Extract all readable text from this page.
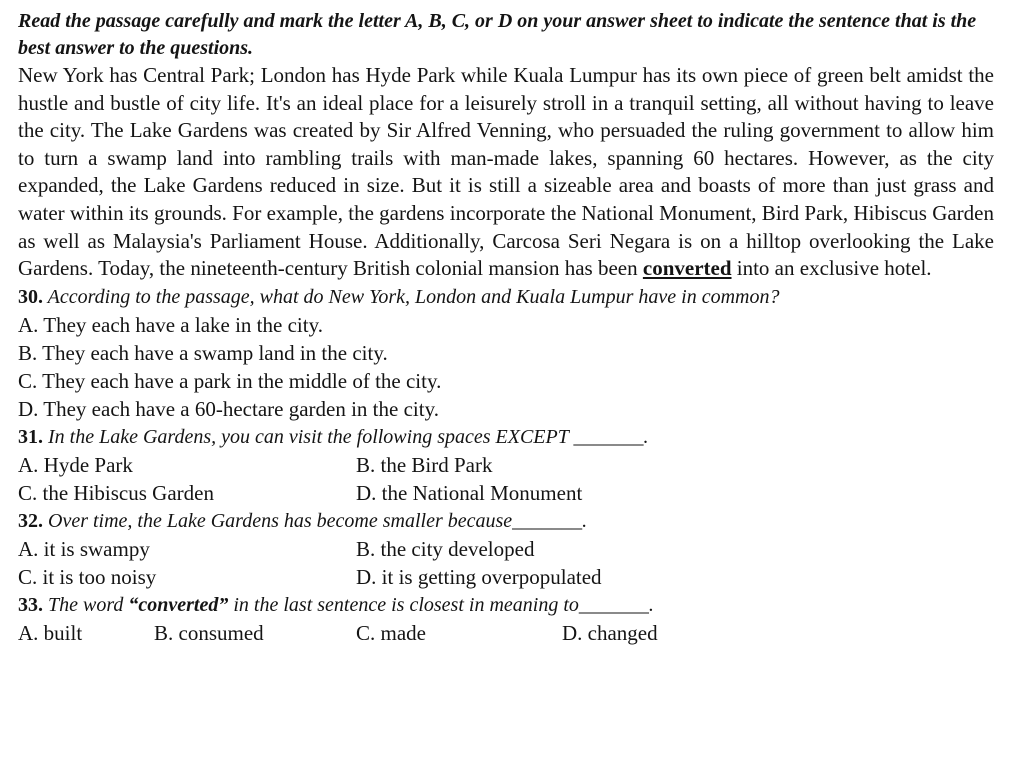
Read the passage carefully and mark the letter A, B, C, or D on your answer sheet to indicate the sentence that is the best answer to the questions.

New York has Central Park; London has Hyde Park while Kuala Lumpur has its own piece of green belt amidst the hustle and bustle of city life. It's an ideal place for a leisurely stroll in a tranquil setting, all without having to leave the city. The Lake Gardens was created by Sir Alfred Venning, who persuaded the ruling government to allow him to turn a swamp land into rambling trails with man-made lakes, spanning 60 hectares. However, as the city expanded, the Lake Gardens reduced in size. But it is still a sizeable area and boasts of more than just grass and water within its grounds. For example, the gardens incorporate the National Monument, Bird Park, Hibiscus Garden as well as Malaysia's Parliament House. Additionally, Carcosa Seri Negara is on a hilltop overlooking the Lake Gardens. Today, the nineteenth-century British colonial mansion has been converted into an exclusive hotel.

30. According to the passage, what do New York, London and Kuala Lumpur have in common?

A. They each have a lake in the city.
B. They each have a swamp land in the city.
C. They each have a park in the middle of the city.
D. They each have a 60-hectare garden in the city.

31. In the Lake Gardens, you can visit the following spaces EXCEPT _______.

A. Hyde Park	B. the Bird Park
C. the Hibiscus Garden	D. the National Monument

32. Over time, the Lake Gardens has become smaller because_______.

A. it is swampy	B. the city developed
C. it is too noisy	D. it is getting overpopulated

33. The word “converted” in the last sentence is closest in meaning to_______.

A. built	B. consumed	C. made	D. changed
